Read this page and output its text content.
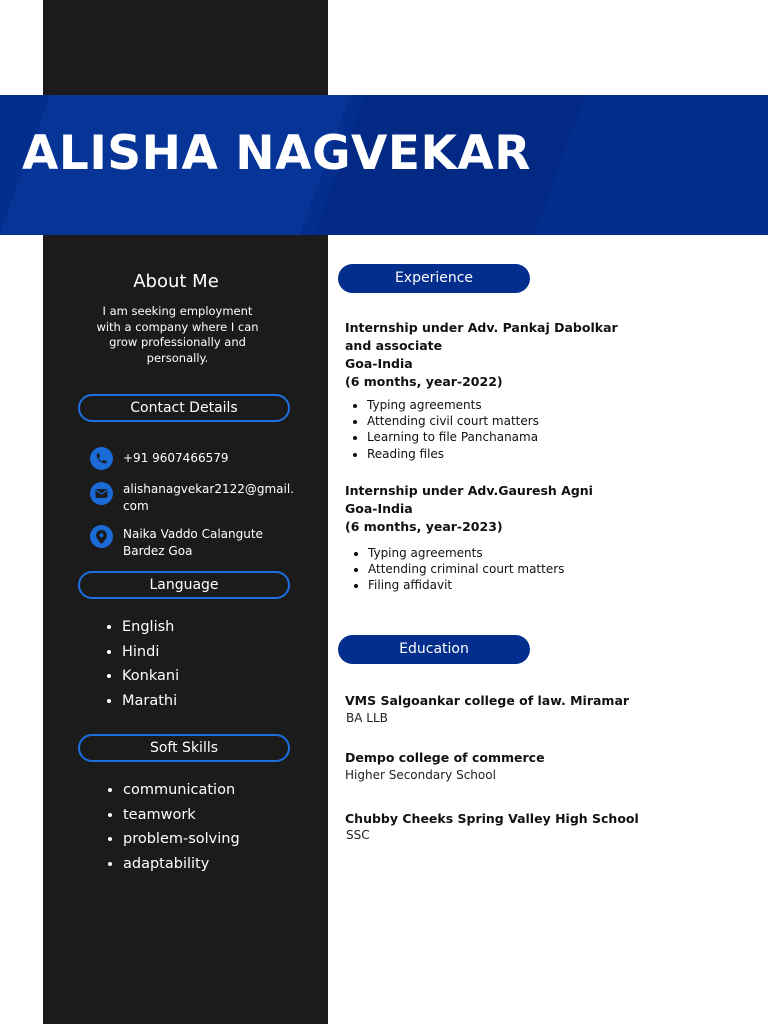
ALISHA NAGVEKAR
About Me

I am seeking employment with a company where I can grow professionally and personally.

Contact Details
+91 9607466579
alishanagvekar2122@gmail.com
Naika Vaddo Calangute Bardez Goa
Language
• English
• Hindi
• Konkani
• Marathi
Soft Skills
• communication
• teamwork
• problem-solving
• adaptability
Experience
Internship under Adv. Pankaj Dabolkar and associate
Goa-India
(6 months, year-2022)
• Typing agreements
• Attending civil court matters
• Learning to file Panchanama
• Reading files
Internship under Adv.Gauresh Agni
Goa-India
(6 months, year-2023)
• Typing agreements
• Attending criminal court matters
• Filing affidavit
Education

VMS Salgoankar college of law. Miramar

BA LLB

Dempo college of commerce

Higher Secondary School

Chubby Cheeks Spring Valley High School

SSC
